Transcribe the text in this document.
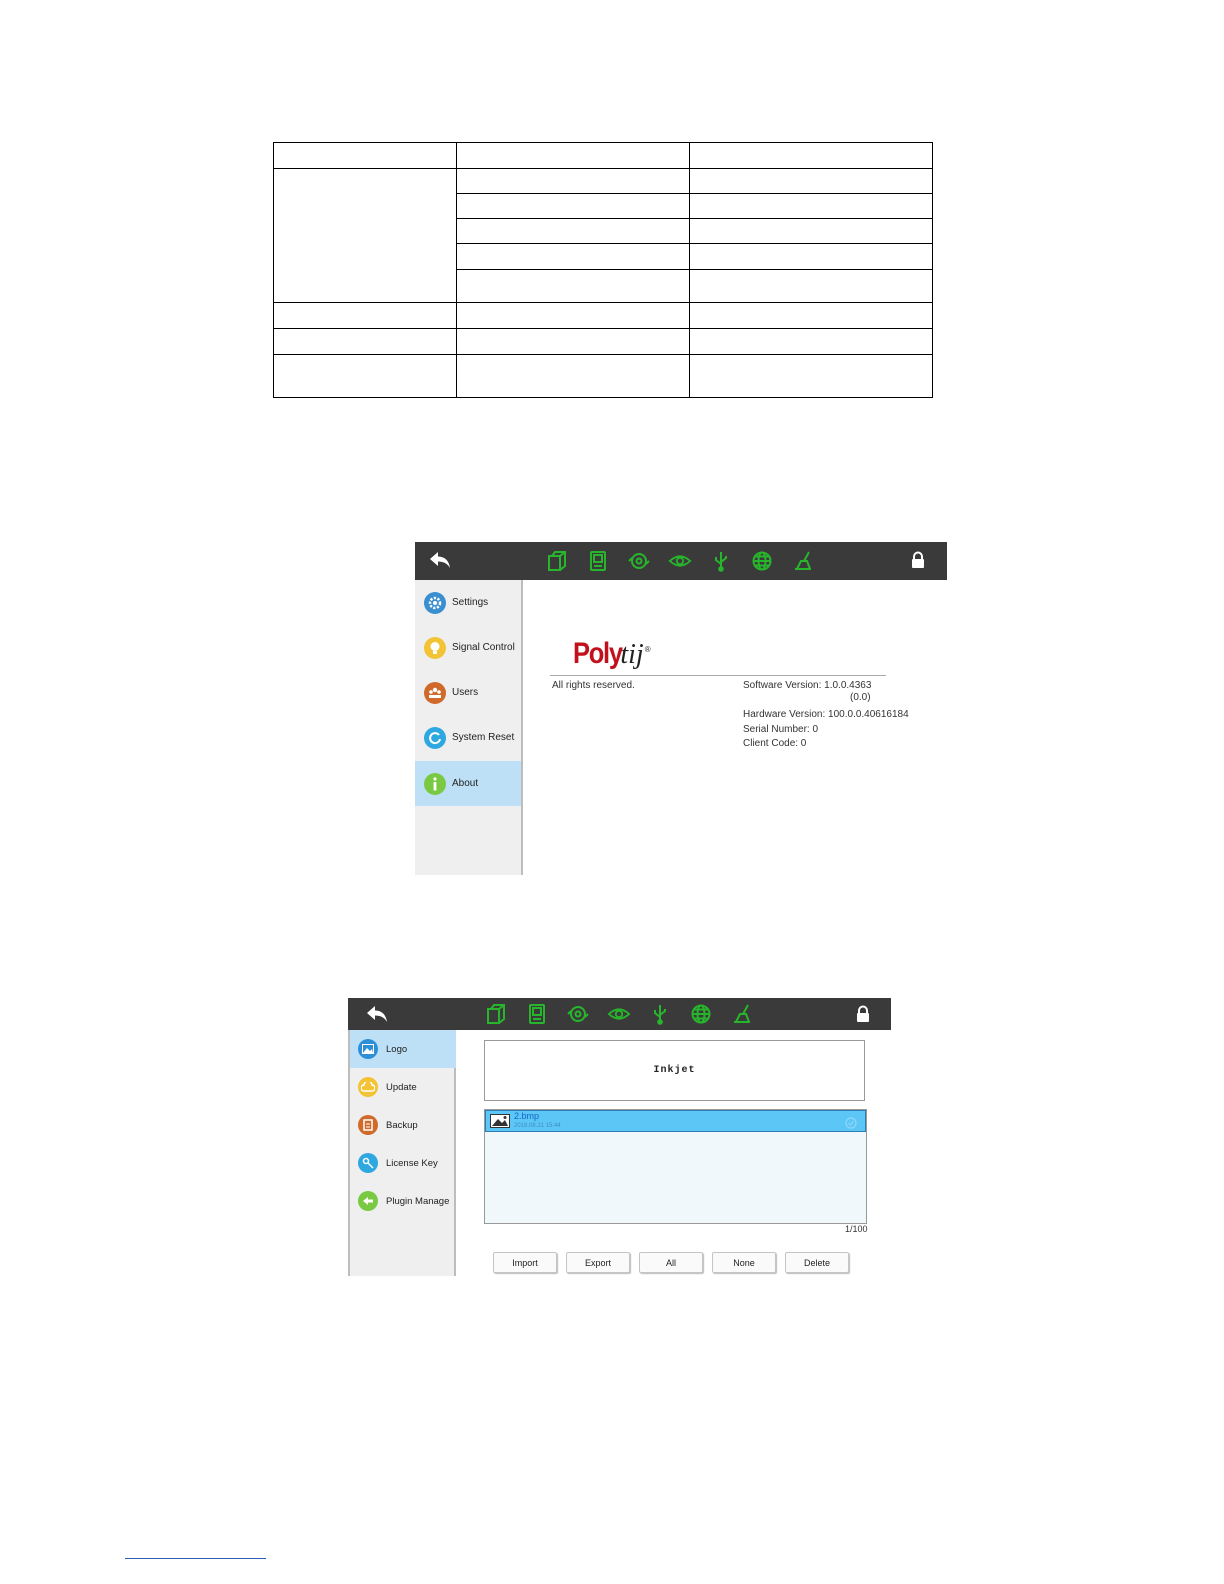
Settings
Signal Control
Users
System Reset
About
Poly
tij ®
All rights reserved.	Software Version: 1.0.0.4363
(0.0)
Hardware Version: 100.0.0.40616184
Serial Number: 0
Client Code: 0
Logo
Update
Backup
License Key
Plugin Manage
Inkjet
2.bmp
2018.08.21 15:44
1/100
Import	Export	All	None	Delete
